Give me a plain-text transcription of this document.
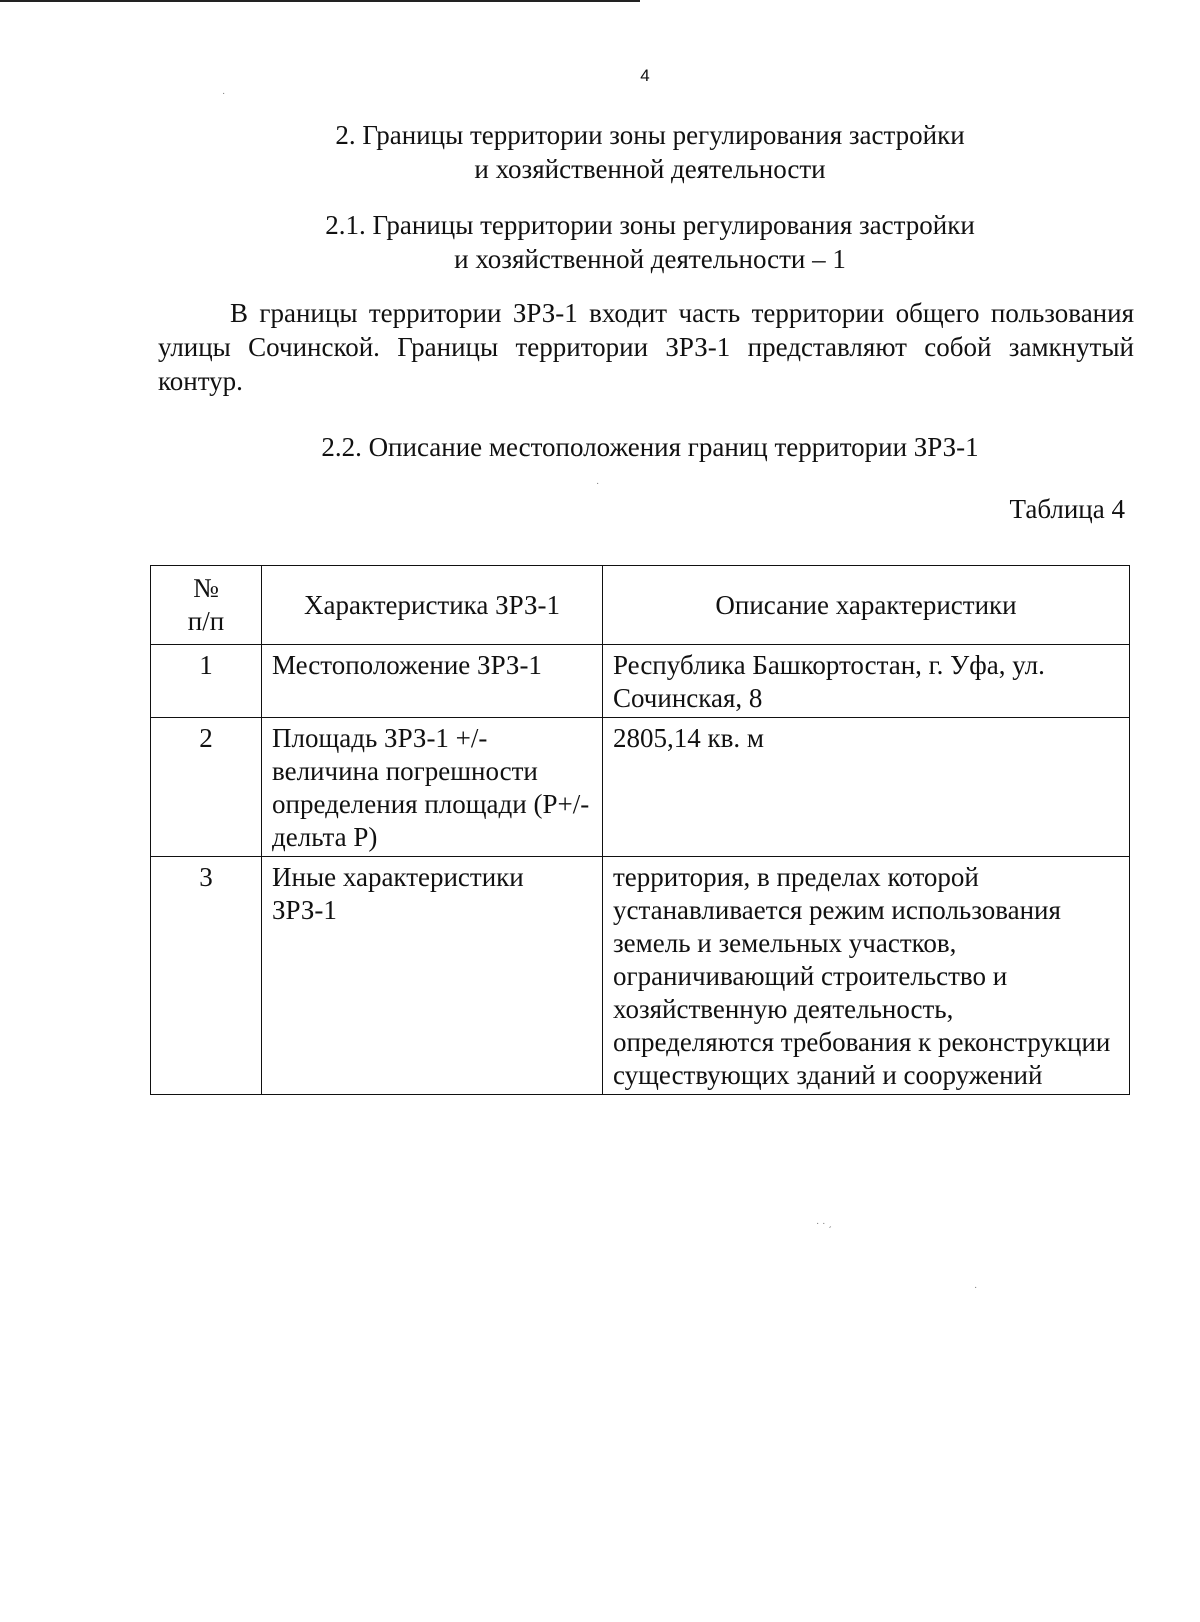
4
2. Границы территории зоны регулирования застройки
и хозяйственной деятельности
2.1. Границы территории зоны регулирования застройки
и хозяйственной деятельности – 1
В границы территории ЗРЗ-1 входит часть территории общего пользования улицы Сочинской. Границы территории ЗРЗ-1 представляют собой замкнутый контур.
2.2. Описание местоположения границ территории ЗРЗ-1
Таблица 4
№
п/п	Характеристика ЗРЗ-1	Описание характеристики
1	Местоположение ЗРЗ-1	Республика Башкортостан, г. Уфа, ул. Сочинская, 8
2	Площадь ЗРЗ-1 +/- величина погрешности определения площади (Р+/- дельта Р)	2805,14 кв. м
3	Иные характеристики ЗРЗ-1	территория, в пределах которой устанавливается режим использования земель и земельных участков, ограничивающий строительство и хозяйственную деятельность, определяются требования к реконструкции существующих зданий и сооружений
·
·
· · ˏ
·
